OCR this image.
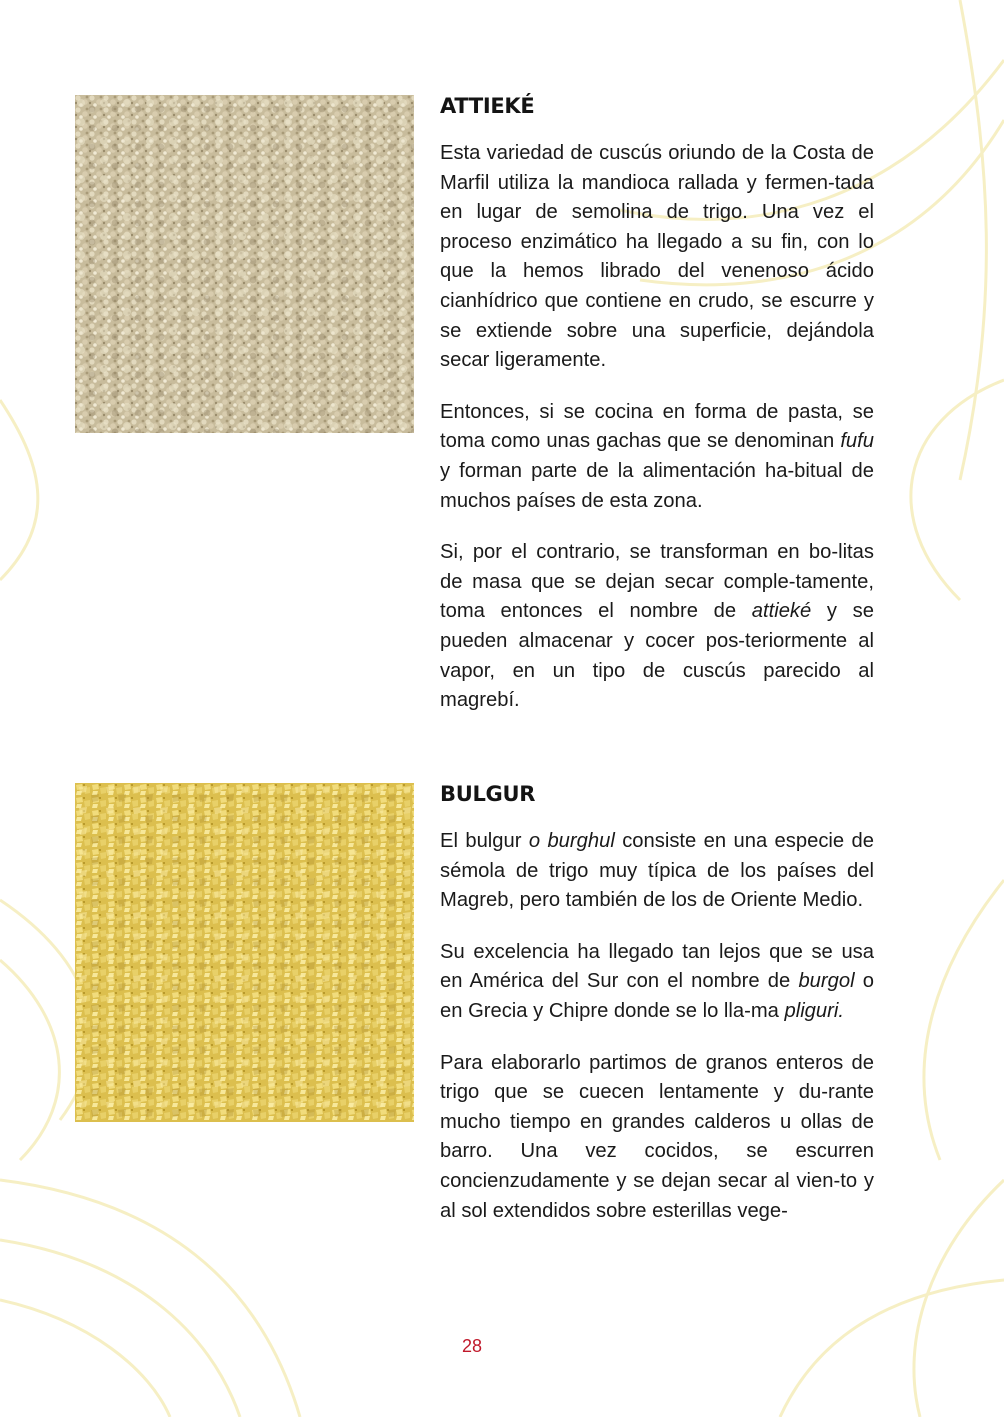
ATTIEKÉ

Esta variedad de cuscús oriundo de la Costa de Marfil utiliza la mandioca rallada y fermen-tada en lugar de semolina de trigo. Una vez el proceso enzimático ha llegado a su fin, con lo que la hemos librado del venenoso ácido cianhídrico que contiene en crudo, se escurre y se extiende sobre una superficie, dejándola secar ligeramente.

Entonces, si se cocina en forma de pasta, se toma como unas gachas que se denominan fufu y forman parte de la alimentación ha-bitual de muchos países de esta zona.

Si, por el contrario, se transforman en bo-litas de masa que se dejan secar comple-tamente, toma entonces el nombre de attieké y se pueden almacenar y cocer pos-teriormente al vapor, en un tipo de cuscús parecido al magrebí.

BULGUR

El bulgur o burghul consiste en una especie de sémola de trigo muy típica de los países del Magreb, pero también de los de Oriente Medio.

Su excelencia ha llegado tan lejos que se usa en América del Sur con el nombre de burgol o en Grecia y Chipre donde se lo lla-ma pliguri.

Para elaborarlo partimos de granos enteros de trigo que se cuecen lentamente y du-rante mucho tiempo en grandes calderos u ollas de barro. Una vez cocidos, se escurren concienzudamente y se dejan secar al vien-to y al sol extendidos sobre esterillas vege-

28
